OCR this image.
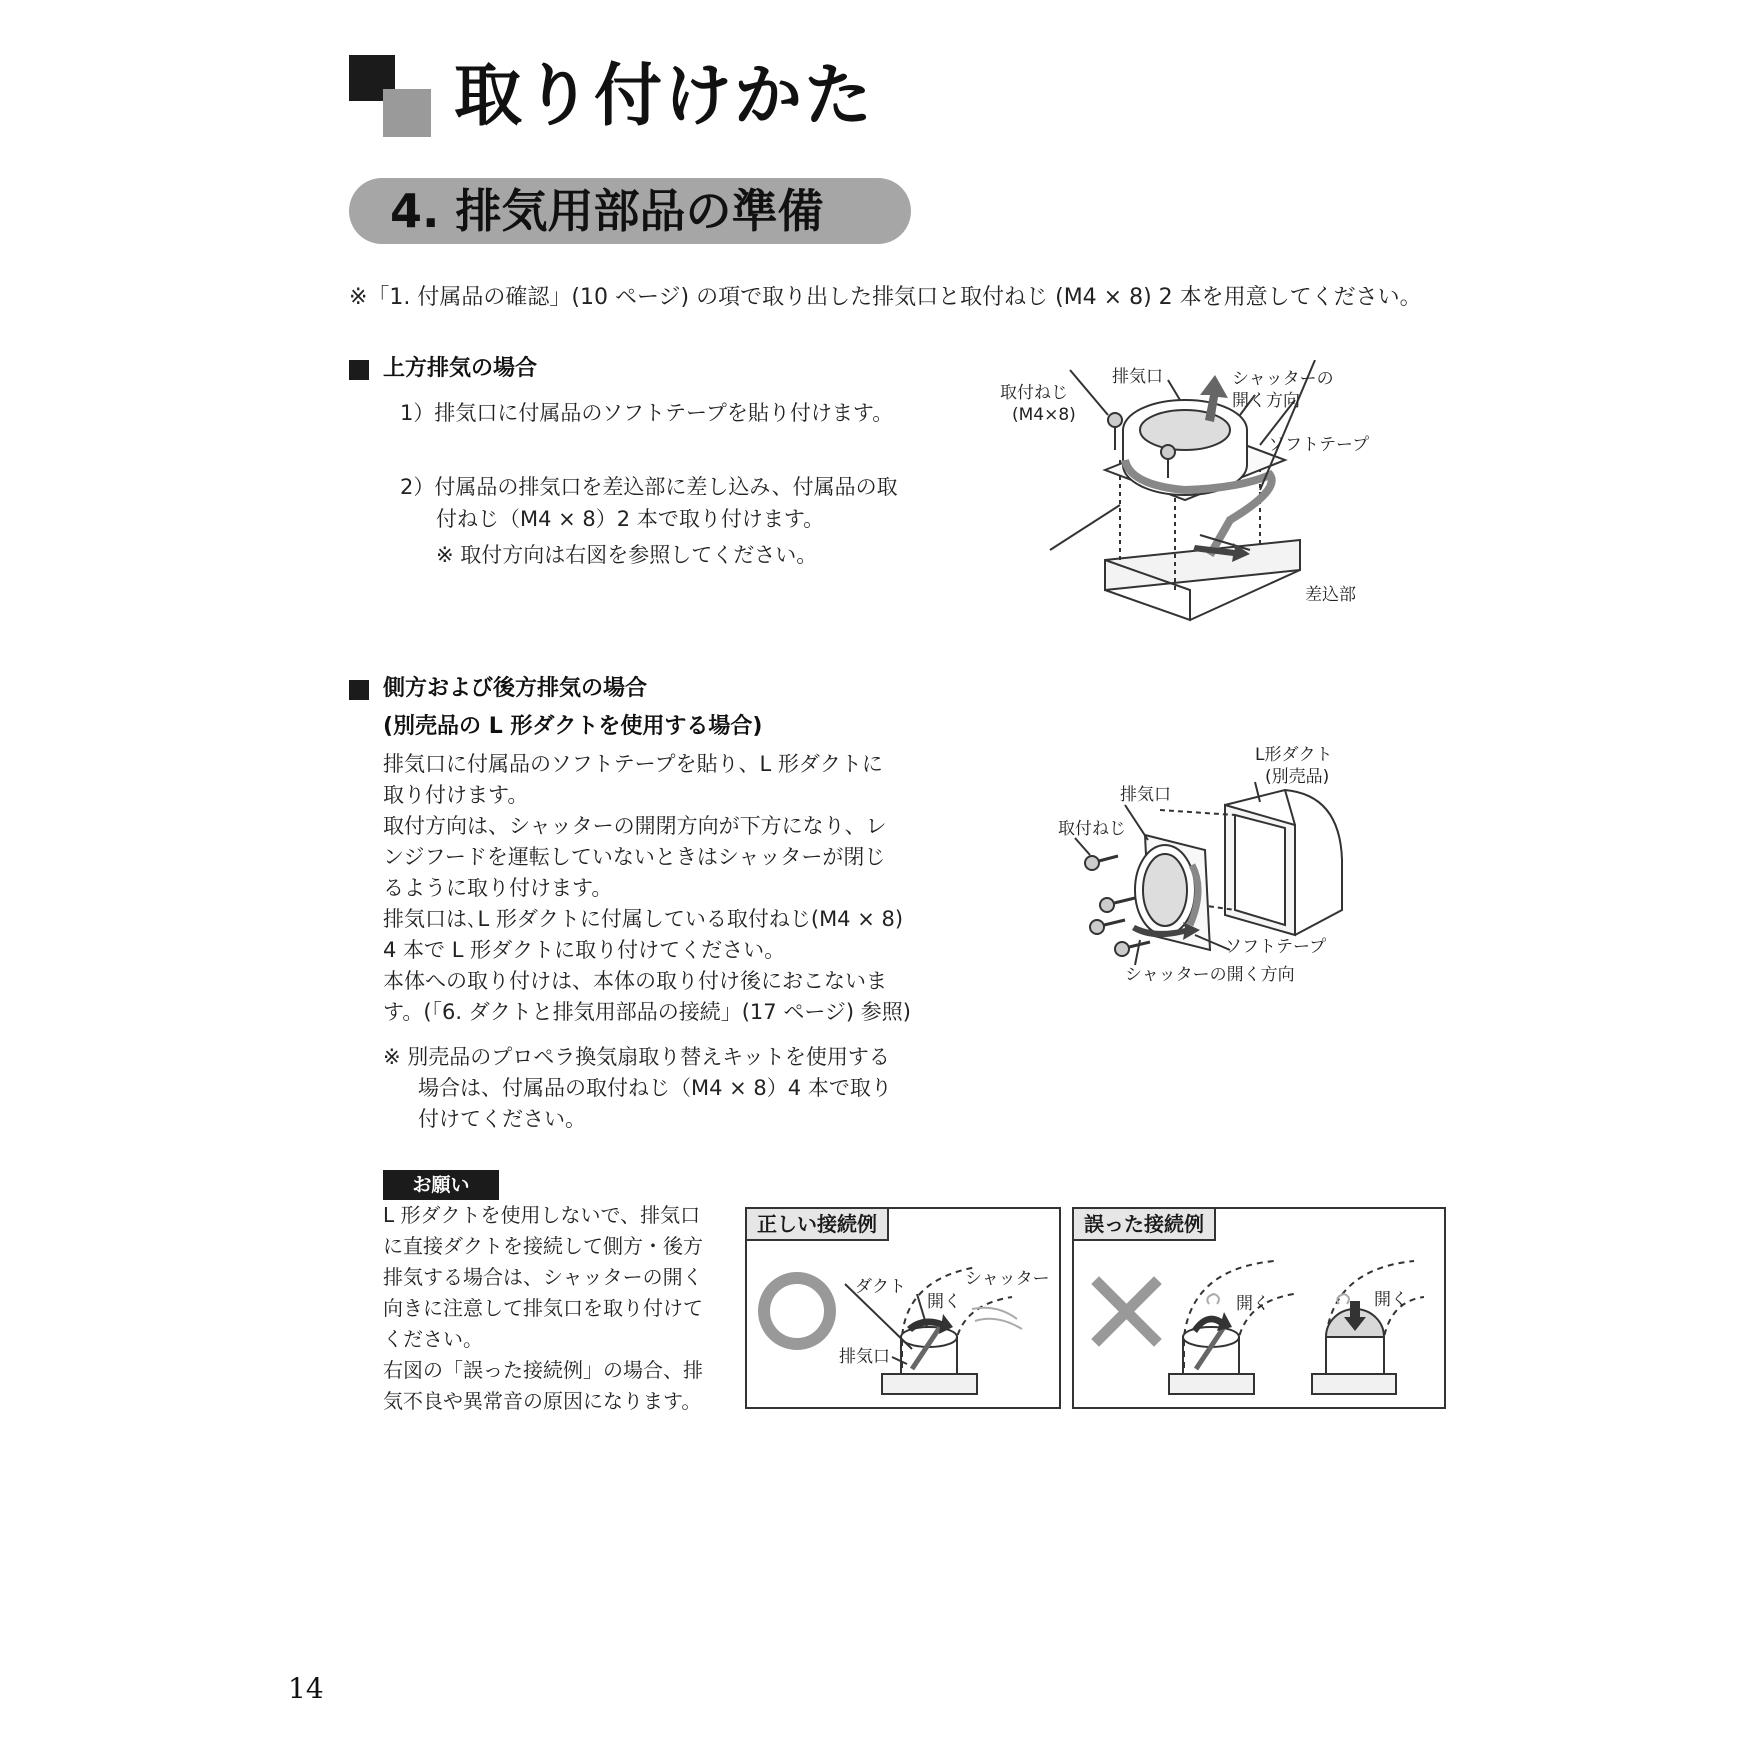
取り付けかた
4. 排気用部品の準備
※「1. 付属品の確認」(10 ページ) の項で取り出した排気口と取付ねじ (M4 × 8) 2 本を用意してください。
上方排気の場合
1）排気口に付属品のソフトテープを貼り付けます。
2）付属品の排気口を差込部に差し込み、付属品の取
付ねじ（M4 × 8）2 本で取り付けます。
※ 取付方向は右図を参照してください。
取付ねじ
(M4×8)
排気口	シャッターの
開く方向
ソフトテープ
差込部
側方および後方排気の場合
(別売品の L 形ダクトを使用する場合)
排気口に付属品のソフトテープを貼り、L 形ダクトに
取り付けます。
取付方向は、シャッターの開閉方向が下方になり、レ
ンジフードを運転していないときはシャッターが閉じ
るように取り付けます。
排気口は､L 形ダクトに付属している取付ねじ(M4 × 8)
4 本で L 形ダクトに取り付けてください。
本体への取り付けは、本体の取り付け後におこないま
す。(「6. ダクトと排気用部品の接続」(17 ページ) 参照)
※ 別売品のプロペラ換気扇取り替えキットを使用する
場合は、付属品の取付ねじ（M4 × 8）4 本で取り
付けてください。
L形ダクト
(別売品)
排気口
取付ねじ
ソフトテープ
シャッターの開く方向
お願い
L 形ダクトを使用しないで、排気口
に直接ダクトを接続して側方・後方
排気する場合は、シャッターの開く
向きに注意して排気口を取り付けて
ください。
右図の「誤った接続例」の場合、排
気不良や異常音の原因になります。
正しい接続例
ダクト	シャッター
開く
排気口
誤った接続例
開く	開く
14
